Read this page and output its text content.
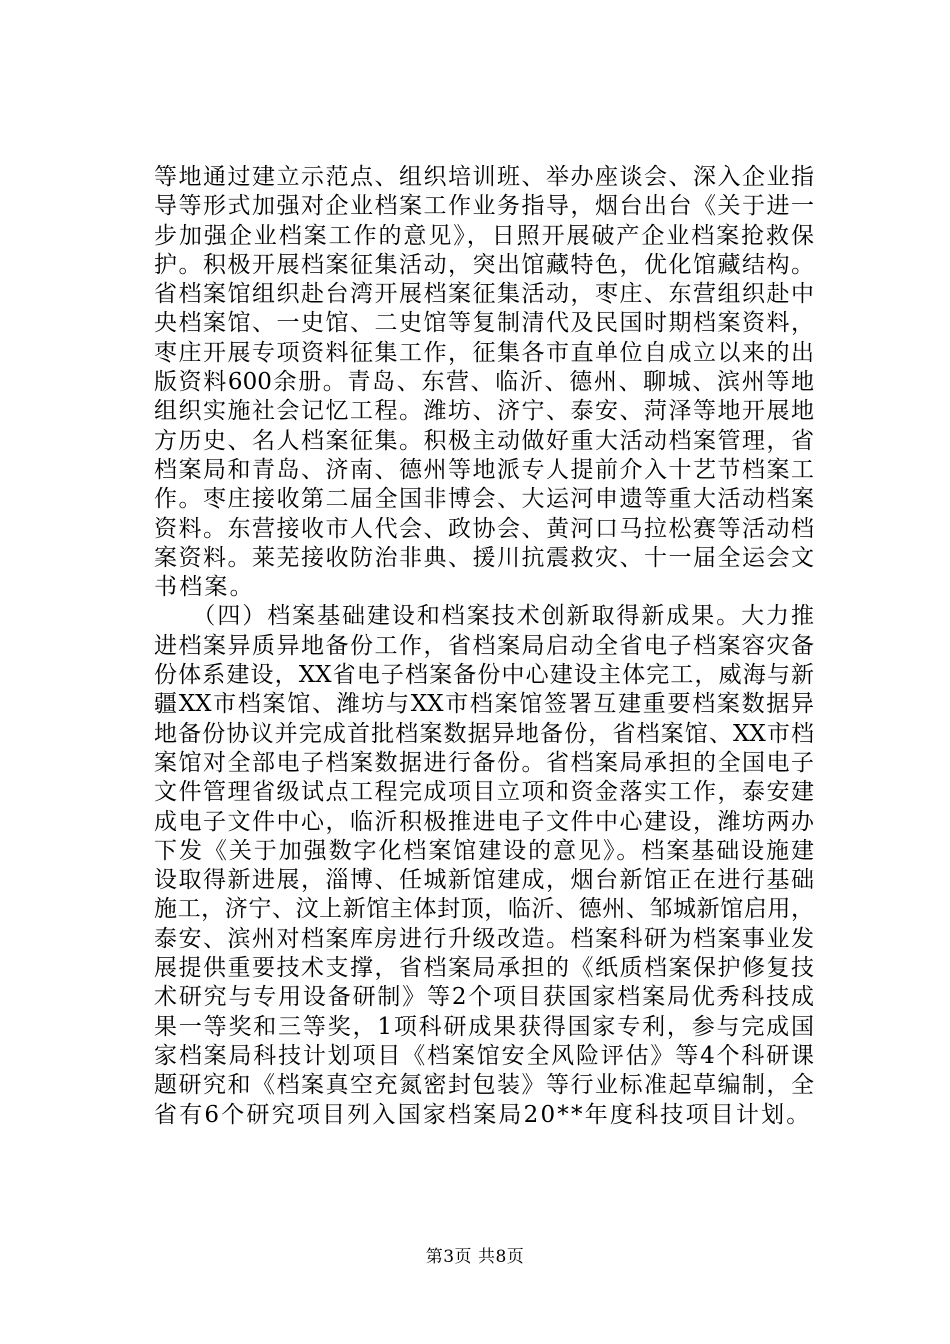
等地通过建立示范点、组织培训班、举办座谈会、深入企业指
导等形式加强对企业档案工作业务指导，烟台出台《关于进一
步加强企业档案工作的意见》，日照开展破产企业档案抢救保
护。积极开展档案征集活动，突出馆藏特色，优化馆藏结构。
省档案馆组织赴台湾开展档案征集活动，枣庄、东营组织赴中
央档案馆、一史馆、二史馆等复制清代及民国时期档案资料，
枣庄开展专项资料征集工作，征集各市直单位自成立以来的出
版资料600余册。青岛、东营、临沂、德州、聊城、滨州等地
组织实施社会记忆工程。潍坊、济宁、泰安、菏泽等地开展地
方历史、名人档案征集。积极主动做好重大活动档案管理，省
档案局和青岛、济南、德州等地派专人提前介入十艺节档案工
作。枣庄接收第二届全国非博会、大运河申遗等重大活动档案
资料。东营接收市人代会、政协会、黄河口马拉松赛等活动档
案资料。莱芜接收防治非典、援川抗震救灾、十一届全运会文
书档案。
　　（四）档案基础建设和档案技术创新取得新成果。大力推
进档案异质异地备份工作，省档案局启动全省电子档案容灾备
份体系建设，XX省电子档案备份中心建设主体完工，威海与新
疆XX市档案馆、潍坊与XX市档案馆签署互建重要档案数据异
地备份协议并完成首批档案数据异地备份，省档案馆、XX市档
案馆对全部电子档案数据进行备份。省档案局承担的全国电子
文件管理省级试点工程完成项目立项和资金落实工作，泰安建
成电子文件中心，临沂积极推进电子文件中心建设，潍坊两办
下发《关于加强数字化档案馆建设的意见》。档案基础设施建
设取得新进展，淄博、任城新馆建成，烟台新馆正在进行基础
施工，济宁、汶上新馆主体封顶，临沂、德州、邹城新馆启用，
泰安、滨州对档案库房进行升级改造。档案科研为档案事业发
展提供重要技术支撑，省档案局承担的《纸质档案保护修复技
术研究与专用设备研制》等2个项目获国家档案局优秀科技成
果一等奖和三等奖，1项科研成果获得国家专利，参与完成国
家档案局科技计划项目《档案馆安全风险评估》等4个科研课
题研究和《档案真空充氮密封包装》等行业标准起草编制，全
省有6个研究项目列入国家档案局20**年度科技项目计划。
第3页 共8页
